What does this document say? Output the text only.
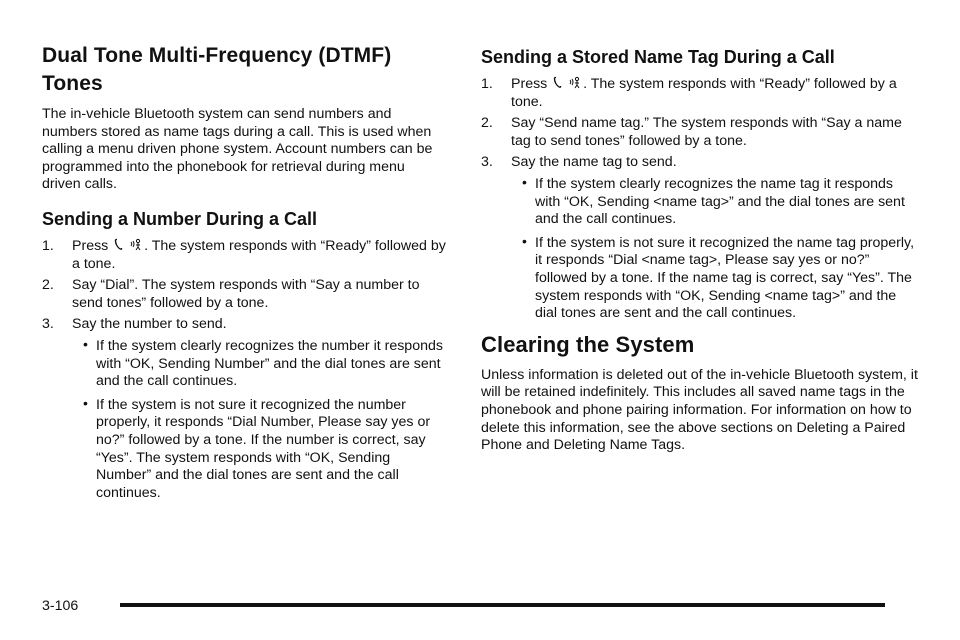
Dual Tone Multi-Frequency (DTMF) Tones

The in-vehicle Bluetooth system can send numbers and numbers stored as name tags during a call. This is used when calling a menu driven phone system. Account numbers can be programmed into the phonebook for retrieval during menu driven calls.

Sending a Number During a Call
1. Press
	. The system responds with “Ready” followed by a tone.
2. Say “Dial”. The system responds with “Say a number to send tones” followed by a tone.
3. Say the number to send.
• If the system clearly recognizes the number it responds with “OK, Sending Number” and the dial tones are sent and the call continues.
• If the system is not sure it recognized the number properly, it responds “Dial Number, Please say yes or no?” followed by a tone. If the number is correct, say “Yes”. The system responds with “OK, Sending Number” and the dial tones are sent and the call continues.
Sending a Stored Name Tag During a Call
1. Press
	. The system responds with “Ready” followed by a tone.
2. Say “Send name tag.” The system responds with “Say a name tag to send tones” followed by a tone.
3. Say the name tag to send.
• If the system clearly recognizes the name tag it responds with “OK, Sending <name tag>” and the dial tones are sent and the call continues.
• If the system is not sure it recognized the name tag properly, it responds “Dial <name tag>, Please say yes or no?” followed by a tone. If the name tag is correct, say “Yes”. The system responds with “OK, Sending <name tag>” and the dial tones are sent and the call continues.
Clearing the System

Unless information is deleted out of the in-vehicle Bluetooth system, it will be retained indefinitely. This includes all saved name tags in the phonebook and phone pairing information. For information on how to delete this information, see the above sections on Deleting a Paired Phone and Deleting Name Tags.

3-106
